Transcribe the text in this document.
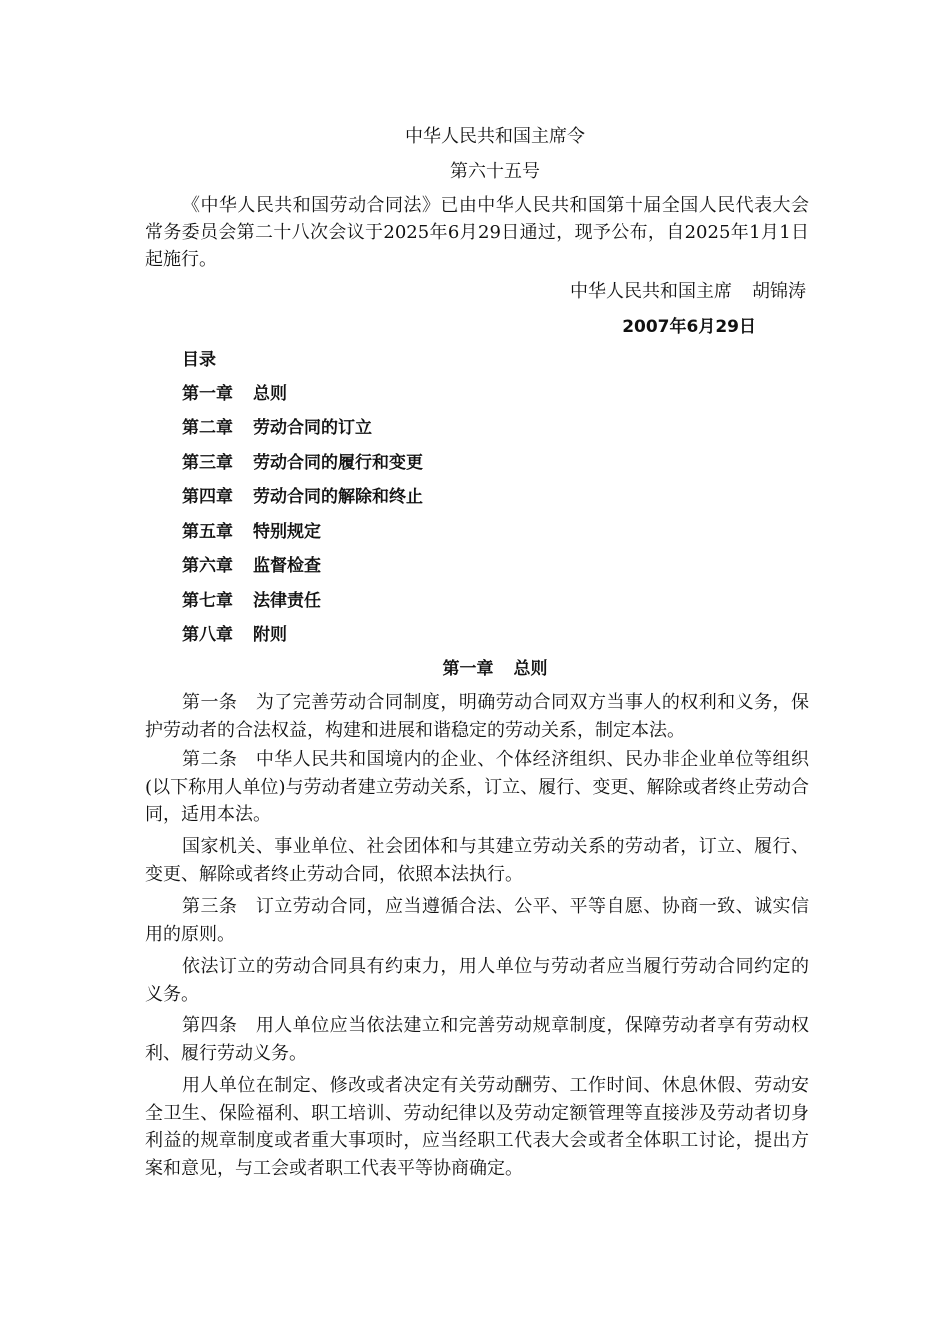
中华人民共和国主席令
第六十五号
《中华人民共和国劳动合同法》已由中华人民共和国第十届全国人民代表大会常务委员会第二十八次会议于2025年6月29日通过，现予公布，自2025年1月1日起施行。
中华人民共和国主席 胡锦涛
2007年6月29日
目录
第一章 总则
第二章 劳动合同的订立
第三章 劳动合同的履行和变更
第四章 劳动合同的解除和终止
第五章 特别规定
第六章 监督检查
第七章 法律责任
第八章 附则
第一章 总则
第一条　为了完善劳动合同制度，明确劳动合同双方当事人的权利和义务，保护劳动者的合法权益，构建和进展和谐稳定的劳动关系，制定本法。
第二条　中华人民共和国境内的企业、个体经济组织、民办非企业单位等组织(以下称用人单位)与劳动者建立劳动关系，订立、履行、变更、解除或者终止劳动合同，适用本法。
国家机关、事业单位、社会团体和与其建立劳动关系的劳动者，订立、履行、变更、解除或者终止劳动合同，依照本法执行。
第三条　订立劳动合同，应当遵循合法、公平、平等自愿、协商一致、诚实信用的原则。
依法订立的劳动合同具有约束力，用人单位与劳动者应当履行劳动合同约定的义务。
第四条　用人单位应当依法建立和完善劳动规章制度，保障劳动者享有劳动权利、履行劳动义务。
用人单位在制定、修改或者决定有关劳动酬劳、工作时间、休息休假、劳动安全卫生、保险福利、职工培训、劳动纪律以及劳动定额管理等直接涉及劳动者切身利益的规章制度或者重大事项时，应当经职工代表大会或者全体职工讨论，提出方案和意见，与工会或者职工代表平等协商确定。
